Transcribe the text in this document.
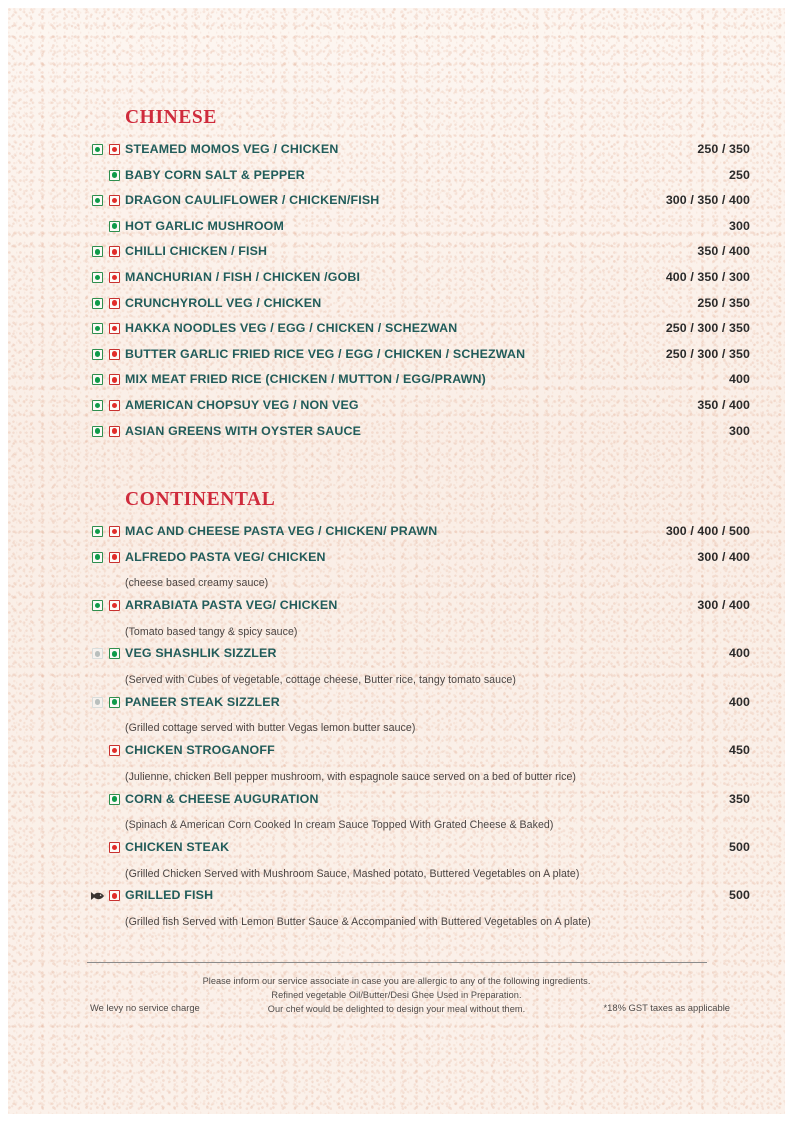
CHINESE
STEAMED MOMOS VEG / CHICKEN	250 / 350
BABY CORN SALT & PEPPER	250
DRAGON CAULIFLOWER / CHICKEN/FISH	300 / 350 / 400
HOT GARLIC MUSHROOM	300
CHILLI CHICKEN / FISH	350 / 400
MANCHURIAN / FISH / CHICKEN /GOBI	400 / 350 / 300
CRUNCHYROLL VEG / CHICKEN	250 / 350
HAKKA NOODLES VEG / EGG / CHICKEN / SCHEZWAN	250 / 300 / 350
BUTTER GARLIC FRIED RICE VEG / EGG / CHICKEN / SCHEZWAN	250 / 300 / 350
MIX MEAT FRIED RICE (CHICKEN / MUTTON / EGG/PRAWN)	400
AMERICAN CHOPSUY VEG / NON VEG	350 / 400
ASIAN GREENS WITH OYSTER SAUCE	300
CONTINENTAL
MAC AND CHEESE PASTA VEG / CHICKEN/ PRAWN	300 / 400 / 500
ALFREDO PASTA VEG/ CHICKEN	300 / 400
(cheese based creamy sauce)
ARRABIATA PASTA VEG/ CHICKEN	300 / 400
(Tomato based tangy & spicy sauce)
VEG SHASHLIK SIZZLER	400
(Served with Cubes of vegetable, cottage cheese, Butter rice, tangy tomato sauce)
PANEER STEAK SIZZLER	400
(Grilled cottage served with butter Vegas lemon butter sauce)
CHICKEN STROGANOFF	450
(Julienne, chicken Bell pepper mushroom, with espagnole sauce served on a bed of butter rice)
CORN & CHEESE AUGURATION	350
(Spinach & American Corn Cooked In cream Sauce Topped With Grated Cheese & Baked)
CHICKEN STEAK	500
(Grilled Chicken Served with Mushroom Sauce, Mashed potato, Buttered Vegetables on A plate)
GRILLED FISH	500
(Grilled fish Served with Lemon Butter Sauce & Accompanied with Buttered Vegetables on A plate)
Please inform our service associate in case you are allergic to any of the following ingredients.
Refined vegetable Oil/Butter/Desi Ghee Used in Preparation.
Our chef would be delighted to design your meal without them.
We levy no service charge	*18% GST taxes as applicable
